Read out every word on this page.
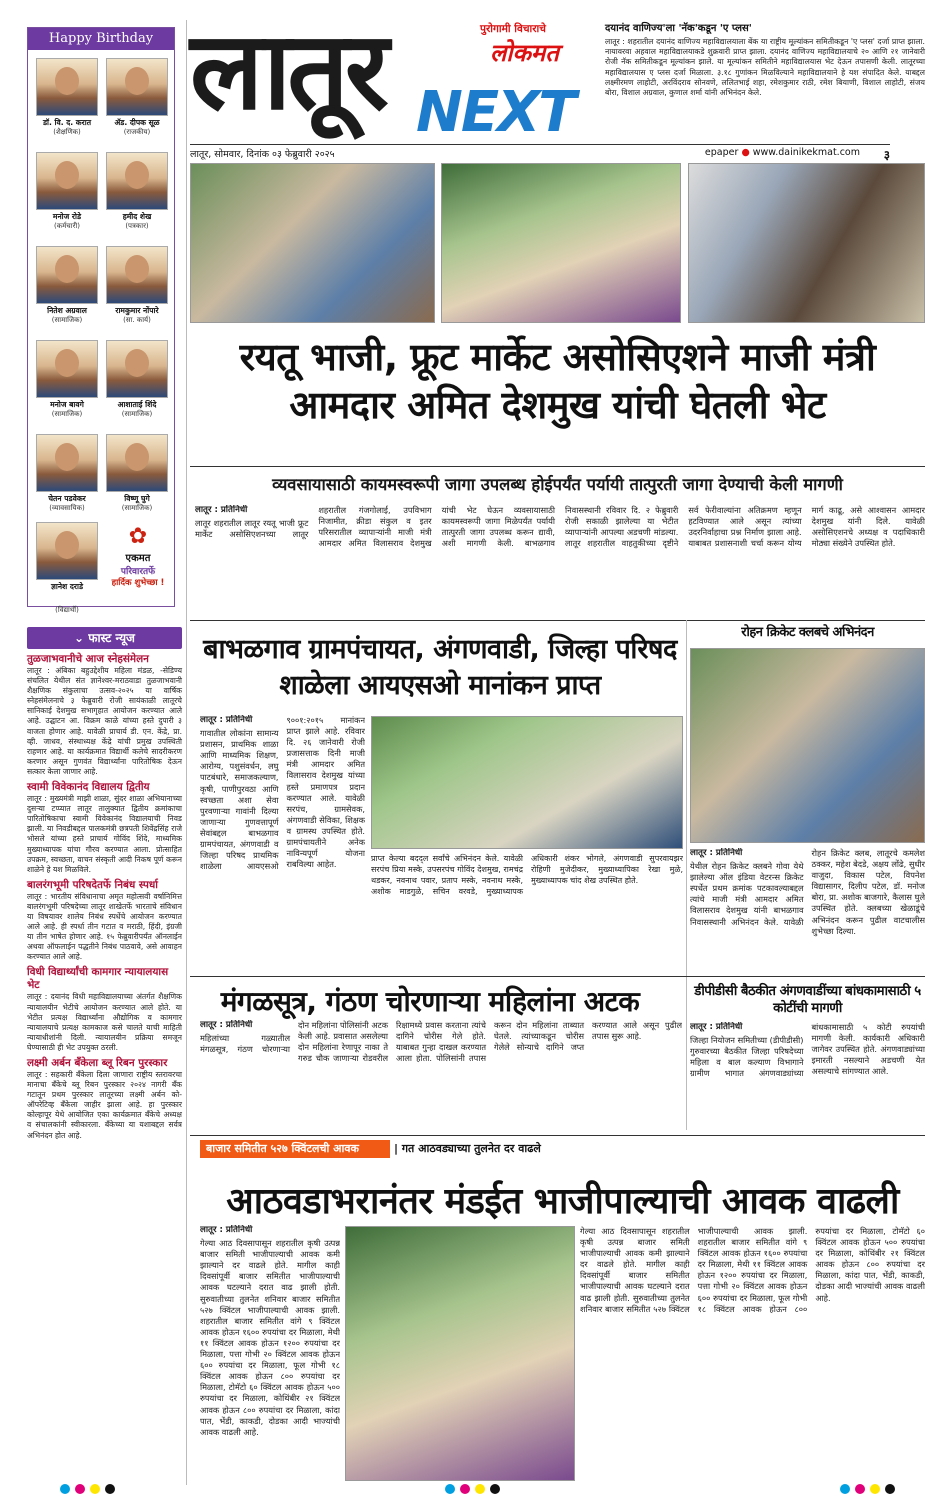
Happy Birthday
डॉ. वि. द. करात
(शैक्षणिक)
ॲड. दीपक सूळ
(राजकीय)
मनोज रोडे
(कर्मचारी)
हमीद शेख
(पत्रकार)
नितेश अग्रवाल
(सामाजिक)
रामकुमार नोंपारे
(सा. कार्य)
मनोज बावगे
(सामाजिक)
आशाताई शिंदे
(सामाजिक)
चेतन पडवेकर
(व्यावसायिक)
विष्णू घुगे
(सामाजिक)
ज्ञानेश दराडे
✿
एकमत
परिवारतर्फे
हार्दिक शुभेच्छा !
(विद्यार्थी)
⌄ फास्ट न्यूज
तुळजाभवानीचे आज स्नेहसंमेलन
लातूर : अंबिका बहुउद्देशीय महिला मंडळ, -सेडिण्य संचलित येथील संत ज्ञानेश्वर-मराठवाडा तुळजाभवानी शैक्षणिक संकुलाचा उत्सव-२०२५ या वार्षिक स्नेहसंमेलनाचे ३ फेब्रुवारी रोजी सायंकाळी लातूरचे सानिकाई देशमुख सभागृहात आयोजन करण्यात आले आहे. उद्घाटन आ. विक्रम काळे यांच्या हस्ते दुपारी ३ वाजता होणार आहे. यावेळी प्राचार्य डी. एन. केंद्रे, प्रा. व्ही. जाधव, संस्थाध्यक्ष केंद्रे यांची प्रमुख उपस्थिती राहणार आहे. या कार्यक्रमात विद्यार्थी कलेचे सादरीकरण करणार असून गुणवंत विद्यार्थ्यांना पारितोषिक देऊन सत्कार केला जाणार आहे.
स्वामी विवेकानंद विद्यालय द्वितीय
लातूर : मुख्यमंत्री माझी शाळा, सुंदर शाळा अभियानाच्या दुसऱ्या टप्प्यात लातूर तालुक्यात द्वितीय क्रमांकाचा पारितोषिकाचा स्वामी विवेकानंद विद्यालयाची निवड झाली. या निवडीबद्दल पालकमंत्री छत्रपती शिवेंद्रसिंह राजे भोसले यांच्या हस्ते प्राचार्य गोविंद शिंदे, माध्यमिक मुख्याध्यापक यांचा गौरव करण्यात आला. प्रोत्साहित उपक्रम, स्वच्छता, वाचन संस्कृती आदी निकष पूर्ण करून शाळेने हे यश मिळविले.
बालरंगभूमी परिषदेतर्फे निबंध स्पर्धा
लातूर : भारतीय संविधानाचा अमृत महोत्सवी वर्षानिमित्त बालरंगभूमी परिषदेच्या लातूर शाखेतर्फे भारताचे संविधान या विषयावर शालेय निबंध स्पर्धेचे आयोजन करण्यात आले आहे. ही स्पर्धा तीन गटात व मराठी, हिंदी, इंग्रजी या तीन भाषेत होणार आहे. १५ फेब्रुवारीपर्यंत ऑनलाईन अथवा ऑफलाईन पद्धतीने निबंध पाठवावे, असे आवाहन करण्यात आले आहे.
विधी विद्यार्थ्यांची कामगार न्यायालयास भेट
लातूर : दयानंद विधी महाविद्यालयाच्या अंतर्गत शैक्षणिक न्यायालयीन भेटीचे आयोजन करण्यात आले होते. या भेटीत प्रत्यक्ष विद्यार्थ्यांना औद्योगिक व कामगार न्यायालयाचे प्रत्यक्ष कामकाज कसे चालते याची माहिती न्यायाधीशांनी दिली. न्यायालयीन प्रक्रिया समजून घेण्यासाठी ही भेट उपयुक्त ठरली.
लक्ष्मी अर्बन बँकेला ब्लू रिबन पुरस्कार
लातूर : सहकारी बँकेला दिला जाणारा राष्ट्रीय स्तरावरचा मानाचा बँकेचे ब्लू रिबन पुरस्कार २०२४ नागरी बँक गटातून प्रथम पुरस्कार लातूरच्या लक्ष्मी अर्बन को-ऑपरेटिव्ह बँकेला जाहीर झाला आहे. हा पुरस्कार कोल्हापूर येथे आयोजित एका कार्यक्रमात बँकेचे अध्यक्ष व संचालकांनी स्वीकारला. बँकेच्या या यशाबद्दल सर्वत्र अभिनंदन होत आहे.
लातूर NEXT
पुरोगामी विचाराचे
लोकमत
दयानंद वाणिज्य'ला 'नॅक'कडून 'ए प्लस'
लातूर : शहरातील दयानंद वाणिज्य महाविद्यालयाला बेंक या राष्ट्रीय मूल्यांकन समितीकडून 'ए प्लस' दर्जा प्राप्त झाला. नायावरवा अहवाल महाविद्यालयाकडे शुक्रवारी प्राप्त झाला. दयानंद वाणिज्य महाविद्यालयाचे २० आणि २१ जानेवारी रोजी नॅक समितीकडून मूल्यांकन झाले. या मूल्यांकन समितीने महाविद्यालयास भेट देऊन तपासणी केली. लातूरच्या महाविद्यालयास ए प्लस दर्जा मिळाला. ३.१८ गुणांकन मिळविल्याने महाविद्यालयाने हे यश संपादित केले. याबद्दल लक्ष्मीरमण लाहोटी, अरविंदराव सोनवणे, ललितभाई शहा, रमेशकुमार राठी, रमेश बियाणी, विशाल लाहोटी, संजय बोरा, विशाल अग्रवाल, कुणाल शर्मा यांनी अभिनंदन केले.
लातूर, सोमवार, दिनांक ०३ फेब्रुवारी २०२५	epaper ● www.dainikekmat.com ३
रयतू भाजी, फ्रूट मार्केट असोसिएशने माजी मंत्री आमदार अमित देशमुख यांची घेतली भेट
व्यवसायासाठी कायमस्वरूपी जागा उपलब्ध होईपर्यंत पर्यायी तात्पुरती जागा देण्याची केली मागणी
लातूर : प्रतिनिधी
लातूर शहरातील लातूर रयतू भाजी फ्रूट मार्केट असोसिएशनच्या लातूर शहरातील गंजगोलाई, उपविभाग निजामीत, क्रीडा संकुल व इतर परिसरातील व्यापाऱ्यांनी माजी मंत्री आमदार अमित विलासराव देशमुख यांची भेट घेऊन व्यवसायासाठी कायमस्वरूपी जागा मिळेपर्यंत पर्यायी तात्पुरती जागा उपलब्ध करून द्यावी, अशी मागणी केली. बाभळगाव निवासस्थानी रविवार दि. २ फेब्रुवारी रोजी सकाळी झालेल्या या भेटीत व्यापाऱ्यांनी आपल्या अडचणी मांडल्या. लातूर शहरातील वाहतुकीच्या दृष्टीने सर्व फेरीवाल्यांना अतिक्रमण म्हणून हटविण्यात आले असून त्यांच्या उदरनिर्वाहाचा प्रश्न निर्माण झाला आहे. याबाबत प्रशासनाशी चर्चा करून योग्य मार्ग काढू, असे आश्वासन आमदार देशमुख यांनी दिले. यावेळी असोसिएशनचे अध्यक्ष व पदाधिकारी मोठ्या संख्येने उपस्थित होते.
बाभळगाव ग्रामपंचायत, अंगणवाडी, जिल्हा परिषद शाळेला आयएसओ मानांकन प्राप्त
लातूर : प्रतिनिधी
गावातील लोकांना सामान्य प्रशासन, प्राथमिक शाळा आणि माध्यमिक शिक्षण, आरोग्य, पशुसंवर्धन, लघु पाटबंधारे, समाजकल्याण, कृषी, पाणीपुरवठा आणि स्वच्छता अशा सेवा पुरवणाऱ्या गावांनी दिल्या जाणाऱ्या गुणवत्तापूर्ण सेवांबद्दल बाभळगाव ग्रामपंचायत, अंगणवाडी व जिल्हा परिषद प्राथमिक शाळेला आयएसओ ९००१:२०१५ मानांकन प्राप्त झाले आहे. रविवार दि. २६ जानेवारी रोजी प्रजासत्ताक दिनी माजी मंत्री आमदार अमित विलासराव देशमुख यांच्या हस्ते प्रमाणपत्र प्रदान करण्यात आले. यावेळी सरपंच, ग्रामसेवक, अंगणवाडी सेविका, शिक्षक व ग्रामस्थ उपस्थित होते. ग्रामपंचायतीने अनेक नाविन्यपूर्ण योजना राबविल्या आहेत.
प्राप्त केल्या बदद्ल सर्वांचे अभिनंदन केले. यावेळी सरपंच प्रिया मस्के, उपसरपंच गोविंद देशमुख, रामचंद्र थडकर, नवनाथ पवार, प्रताप मस्के, नवनाथ मस्के, अशोक माडगुळे, सचिन वरवडे, मुख्याध्यापक अधिकारी शंकर भोगले, अंगणवाडी सुपरवायझर रोहिणी मुजेदीकर, मुख्याध्यापिका रेखा मुळे, मुख्याध्यापक चांद शेख उपस्थित होते.
रोहन क्रिकेट क्लबचे अभिनंदन
लातूर : प्रतिनिधी
येथील रोहन क्रिकेट क्लबने गोवा येथे झालेल्या ऑल इंडिया वेटरन्स क्रिकेट स्पर्धेत प्रथम क्रमांक पटकावल्याबद्दल त्यांचे माजी मंत्री आमदार अमित विलासराव देशमुख यांनी बाभळगाव निवासस्थानी अभिनंदन केले. यावेळी रोहन क्रिकेट क्लब, लातूरचे कमलेश ठक्कर, महेश बेदडे, अक्षय लोंढे, सुधीर वाजुदा, विकास पटेल, विपनेश विद्यासागर, दिलीप पटेल, डॉ. मनोज बोरा, प्रा. अशोक बाजगारे, कैलास घुले उपस्थित होते. क्लबच्या खेळाडूंचे अभिनंदन करून पुढील वाटचालीस शुभेच्छा दिल्या.
मंगळसूत्र, गंठण चोरणाऱ्या महिलांना अटक
लातूर : प्रतिनिधी
महिलांच्या गळ्यातील मंगळसूत्र, गंठण चोरणाऱ्या दोन महिलांना पोलिसांनी अटक केली आहे. प्रवासात असलेल्या दोन महिलांना रेणापूर नाका ते गरुड चौक जाणाऱ्या रोडवरील रिक्षामध्ये प्रवास करताना त्यांचे दागिने चोरीस गेले होते. याबाबत गुन्हा दाखल करण्यात आला होता. पोलिसांनी तपास करून दोन महिलांना ताब्यात घेतले. त्यांच्याकडून चोरीस गेलेले सोन्याचे दागिने जप्त करण्यात आले असून पुढील तपास सुरू आहे.
डीपीडीसी बैठकीत अंगणवाडींच्या बांधकामासाठी ५ कोटींची मागणी
लातूर : प्रतिनिधी
जिल्हा नियोजन समितीच्या (डीपीडीसी) गुरुवारच्या बैठकीत जिल्हा परिषदेच्या महिला व बाल कल्याण विभागाने ग्रामीण भागात अंगणवाड्यांच्या बांधकामासाठी ५ कोटी रुपयांची मागणी केली. कार्यकारी अधिकारी जागेवर उपस्थित होते. अंगणवाड्यांच्या इमारती नसल्याने अडचणी येत असल्याचे सांगण्यात आले.
बाजार समितीत ५२७ क्विंटलची आवक	| गत आठवड्याच्या तुलनेत दर वाढले
आठवडाभरानंतर मंडईत भाजीपाल्याची आवक वाढली
लातूर : प्रतिनिधी
गेल्या आठ दिवसापासून शहरातील कृषी उत्पन्न बाजार समिती भाजीपाल्याची आवक कमी झाल्याने दर वाढले होते. मागील काही दिवसांपूर्वी बाजार समितीत भाजीपाल्याची आवक घटल्याने दरात वाढ झाली होती. सुरुवातीच्या तुलनेत शनिवार बाजार समितीत ५२७ क्विंटल भाजीपाल्याची आवक झाली. शहरातील बाजार समितीत वांगे ९ क्विंटल आवक होऊन १६०० रुपयांचा दर मिळाला, मेथी ११ क्विंटल आवक होऊन १२०० रुपयांचा दर मिळाला, पत्ता गोभी २० क्विंटल आवक होऊन ६०० रुपयांचा दर मिळाला, फूल गोभी १८ क्विंटल आवक होऊन ८०० रुपयांचा दर मिळाला, टोमॅटो ६० क्विंटल आवक होऊन ५०० रुपयांचा दर मिळाला, कोथिंबीर २१ क्विंटल आवक होऊन ८०० रुपयांचा दर मिळाला, कांदा पात, भेंडी, काकडी, दोडका आदी भाज्यांची आवक वाढली आहे.
गेल्या आठ दिवसापासून शहरातील कृषी उत्पन्न बाजार समिती भाजीपाल्याची आवक कमी झाल्याने दर वाढले होते. मागील काही दिवसांपूर्वी बाजार समितीत भाजीपाल्याची आवक घटल्याने दरात वाढ झाली होती. सुरुवातीच्या तुलनेत शनिवार बाजार समितीत ५२७ क्विंटल भाजीपाल्याची आवक झाली. शहरातील बाजार समितीत वांगे ९ क्विंटल आवक होऊन १६०० रुपयांचा दर मिळाला, मेथी ११ क्विंटल आवक होऊन १२०० रुपयांचा दर मिळाला, पत्ता गोभी २० क्विंटल आवक होऊन ६०० रुपयांचा दर मिळाला, फूल गोभी १८ क्विंटल आवक होऊन ८०० रुपयांचा दर मिळाला, टोमॅटो ६० क्विंटल आवक होऊन ५०० रुपयांचा दर मिळाला, कोथिंबीर २१ क्विंटल आवक होऊन ८०० रुपयांचा दर मिळाला, कांदा पात, भेंडी, काकडी, दोडका आदी भाज्यांची आवक वाढली आहे.
